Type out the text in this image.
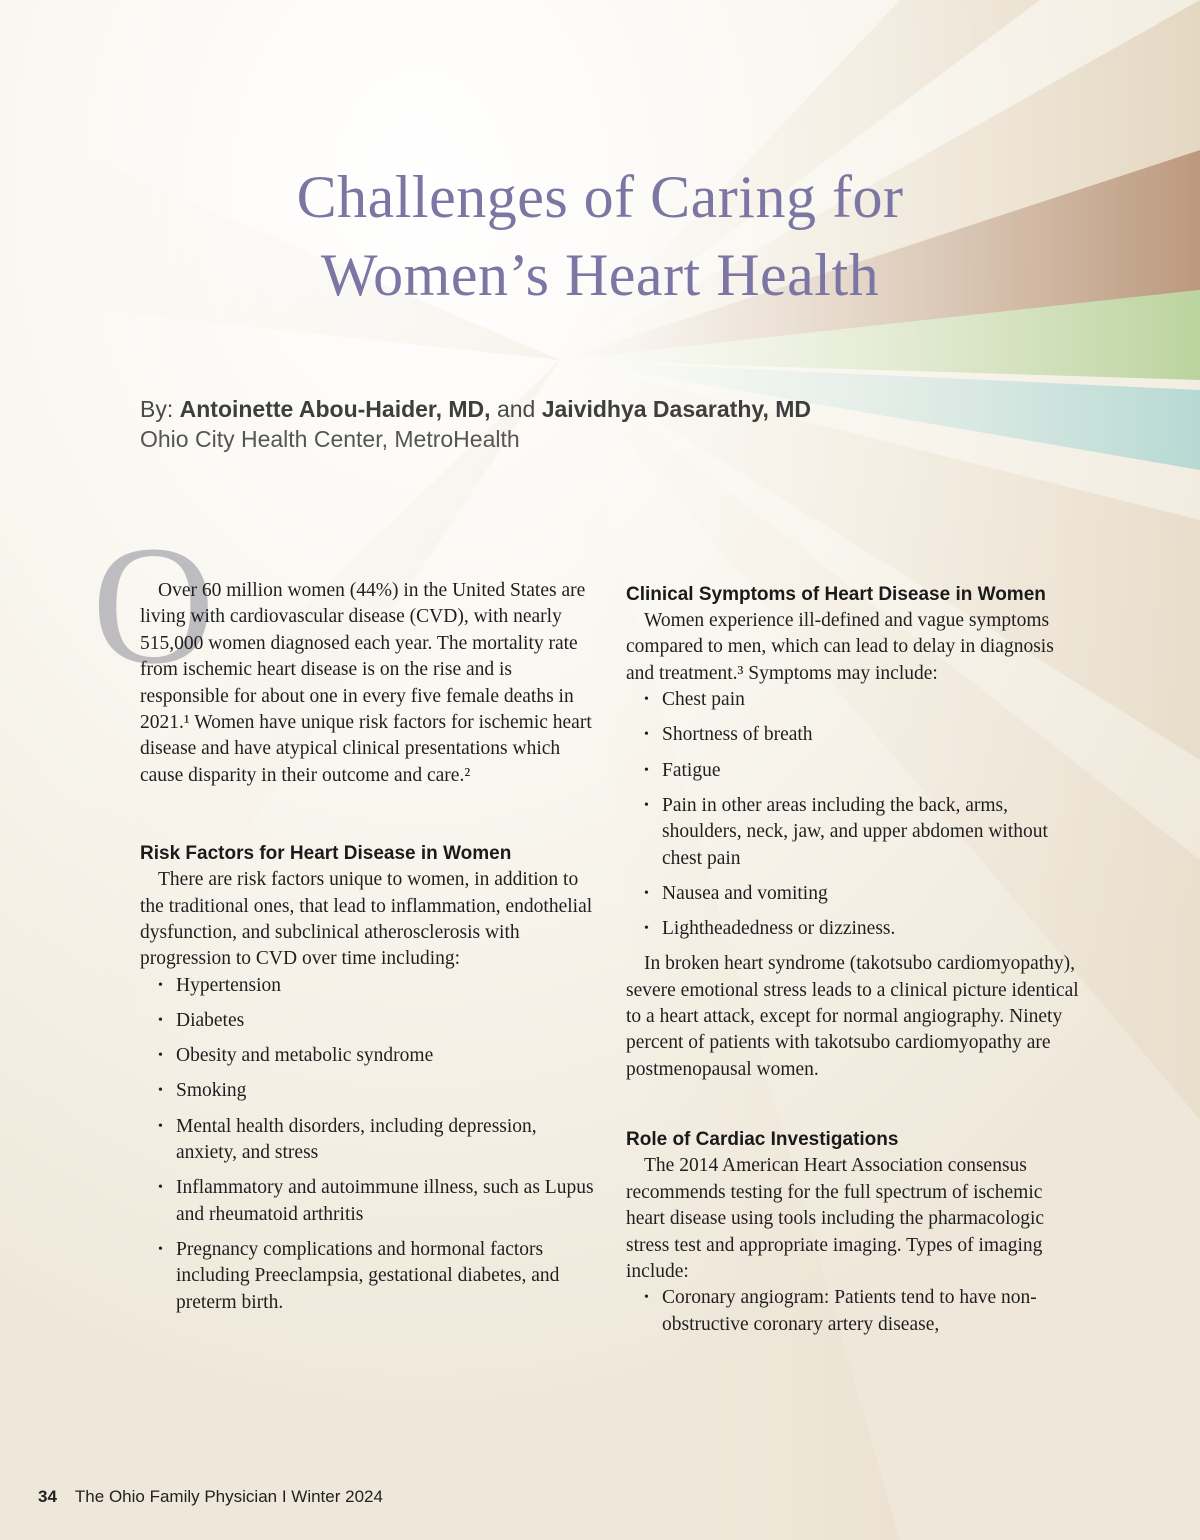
Challenges of Caring for
Women’s Heart Health
By: Antoinette Abou-Haider, MD, and Jaividhya Dasarathy, MD
Ohio City Health Center, MetroHealth
O

Over 60 million women (44%) in the United States are living with cardiovascular disease (CVD), with nearly 515,000 women diagnosed each year. The mortality rate from ischemic heart disease is on the rise and is responsible for about one in every five female deaths in 2021.¹ Women have unique risk factors for ischemic heart disease and have atypical clinical presentations which cause disparity in their outcome and care.²

Risk Factors for Heart Disease in Women

There are risk factors unique to women, in addition to the traditional ones, that lead to inflammation, endothelial dysfunction, and subclinical atherosclerosis with progression to CVD over time including:

• Hypertension
• Diabetes
• Obesity and metabolic syndrome
• Smoking
• Mental health disorders, including depression, anxiety, and stress
• Inflammatory and autoimmune illness, such as Lupus and rheumatoid arthritis
• Pregnancy complications and hormonal factors including Preeclampsia, gestational diabetes, and preterm birth.
Clinical Symptoms of Heart Disease in Women

Women experience ill-defined and vague symptoms compared to men, which can lead to delay in diagnosis and treatment.³ Symptoms may include:

• Chest pain
• Shortness of breath
• Fatigue
• Pain in other areas including the back, arms, shoulders, neck, jaw, and upper abdomen without chest pain
• Nausea and vomiting
• Lightheadedness or dizziness.

In broken heart syndrome (takotsubo cardiomyopathy), severe emotional stress leads to a clinical picture identical to a heart attack, except for normal angiography. Ninety percent of patients with takotsubo cardiomyopathy are postmenopausal women.

Role of Cardiac Investigations

The 2014 American Heart Association consensus recommends testing for the full spectrum of ischemic heart disease using tools including the pharmacologic stress test and appropriate imaging. Types of imaging include:

• Coronary angiogram: Patients tend to have non-obstructive coronary artery disease,
34 The Ohio Family Physician I Winter 2024
